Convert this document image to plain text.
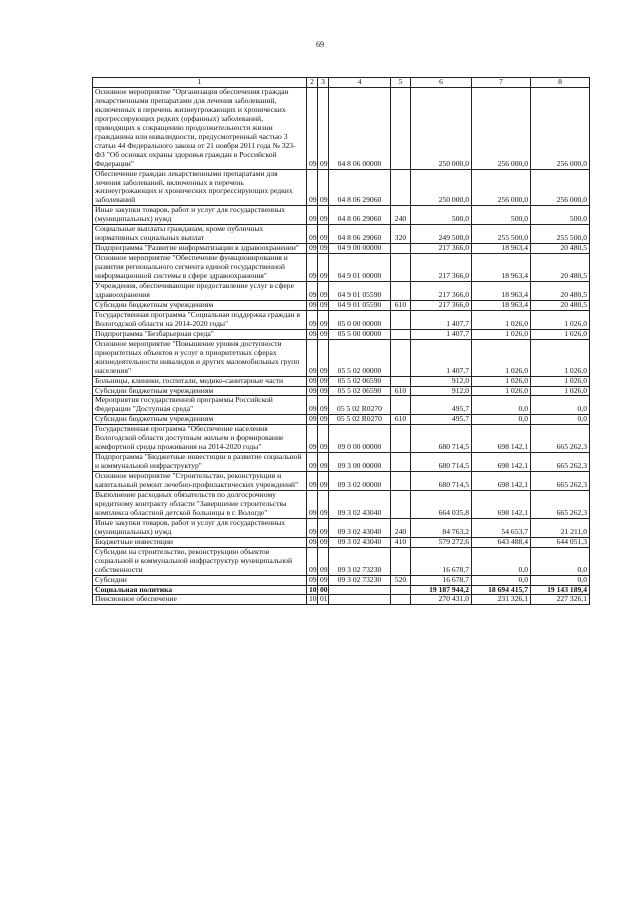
69
1	2	3	4	5	6	7	8
Основное мероприятие "Организация обеспечения граждан лекарственными препаратами для лечения заболеваний, включенных в перечень жизнеугрожающих и хронических прогрессирующих редких (орфанных) заболеваний, приводящих к сокращению продолжительности жизни гражданина или инвалидности, предусмотренный частью 3 статьи 44 Федерального закона от 21 ноября 2011 года № 323-ФЗ "Об основах охраны здоровья граждан в Российской Федерации"	09	09	04 8 06 00000		250 000,0	256 000,0	256 000,0
Обеспечение граждан лекарственными препаратами для лечения заболеваний, включенных в перечень жизнеугрожающих и хронических прогрессирующих редких заболеваний	09	09	04 8 06 29060		250 000,0	256 000,0	256 000,0
Иные закупки товаров, работ и услуг для государственных (муниципальных) нужд	09	09	04 8 06 29060	240	500,0	500,0	500,0
Социальные выплаты гражданам, кроме публичных нормативных социальных выплат	09	09	04 8 06 29060	320	249 500,0	255 500,0	255 500,0
Подпрограмма "Развитие информатизации в здравоохранении"	09	09	04 9 00 00000		217 366,0	18 963,4	20 480,5
Основное мероприятие "Обеспечение функционирования и развития регионального сегмента единой государственной информационной системы в сфере здравоохранения"	09	09	04 9 01 00000		217 366,0	18 963,4	20 480,5
Учреждения, обеспечивающие предоставление услуг в сфере здравоохранения	09	09	04 9 01 05590		217 366,0	18 963,4	20 480,5
Субсидии бюджетным учреждениям	09	09	04 9 01 05590	610	217 366,0	18 963,4	20 480,5
Государственная программа "Социальная поддержка граждан в Вологодской области на 2014-2020 годы"	09	09	05 0 00 00000		1 407,7	1 026,0	1 026,0
Подпрограмма "Безбарьерная среда"	09	09	05 5 00 00000		1 407,7	1 026,0	1 026,0
Основное мероприятие "Повышение уровня доступности приоритетных объектов и услуг в приоритетных сферах жизнедеятельности инвалидов и других маломобильных групп населения"	09	09	05 5 02 00000		1 407,7	1 026,0	1 026,0
Больницы, клиники, госпитали, медико-санитарные части	09	09	05 5 02 06590		912,0	1 026,0	1 026,0
Субсидии бюджетным учреждениям	09	09	05 5 02 06590	610	912,0	1 026,0	1 026,0
Мероприятия государственной программы Российской Федерации "Доступная среда"	09	09	05 5 02 R0270		495,7	0,0	0,0
Субсидии бюджетным учреждениям	09	09	05 5 02 R0270	610	495,7	0,0	0,0
Государственная программа "Обеспечение населения Вологодской области доступным жильем и формирование комфортной среды проживания на 2014-2020 годы"	09	09	09 0 00 00000		680 714,5	698 142,1	665 262,3
Подпрограмма "Бюджетные инвестиции в развитие социальной и коммунальной инфраструктур"	09	09	09 3 00 00000		680 714,5	698 142,1	665 262,3
Основное мероприятие "Строительство, реконструкция и капитальный ремонт лечебно-профилактических учреждений"	09	09	09 3 02 00000		680 714,5	698 142,1	665 262,3
Выполнение расходных обязательств по долгосрочному кредитному контракту области "Завершение строительства комплекса областной детской больницы в г. Вологде"	09	09	09 3 02 43040		664 035,8	698 142,1	665 262,3
Иные закупки товаров, работ и услуг для государственных (муниципальных) нужд	09	09	09 3 02 43040	240	84 763,2	54 653,7	21 211,0
Бюджетные инвестиции	09	09	09 3 02 43040	410	579 272,6	643 488,4	644 051,3
Субсидии на строительство, реконструкцию объектов социальной и коммунальной инфраструктур муниципальной собственности	09	09	09 3 02 73230		16 678,7	0,0	0,0
Субсидии	09	09	09 3 02 73230	520	16 678,7	0,0	0,0
Социальная политика	10	00			19 187 944,2	18 694 415,7	19 143 189,4
Пенсионное обеспечение	10	01			270 431,0	231 326,1	227 326,1
